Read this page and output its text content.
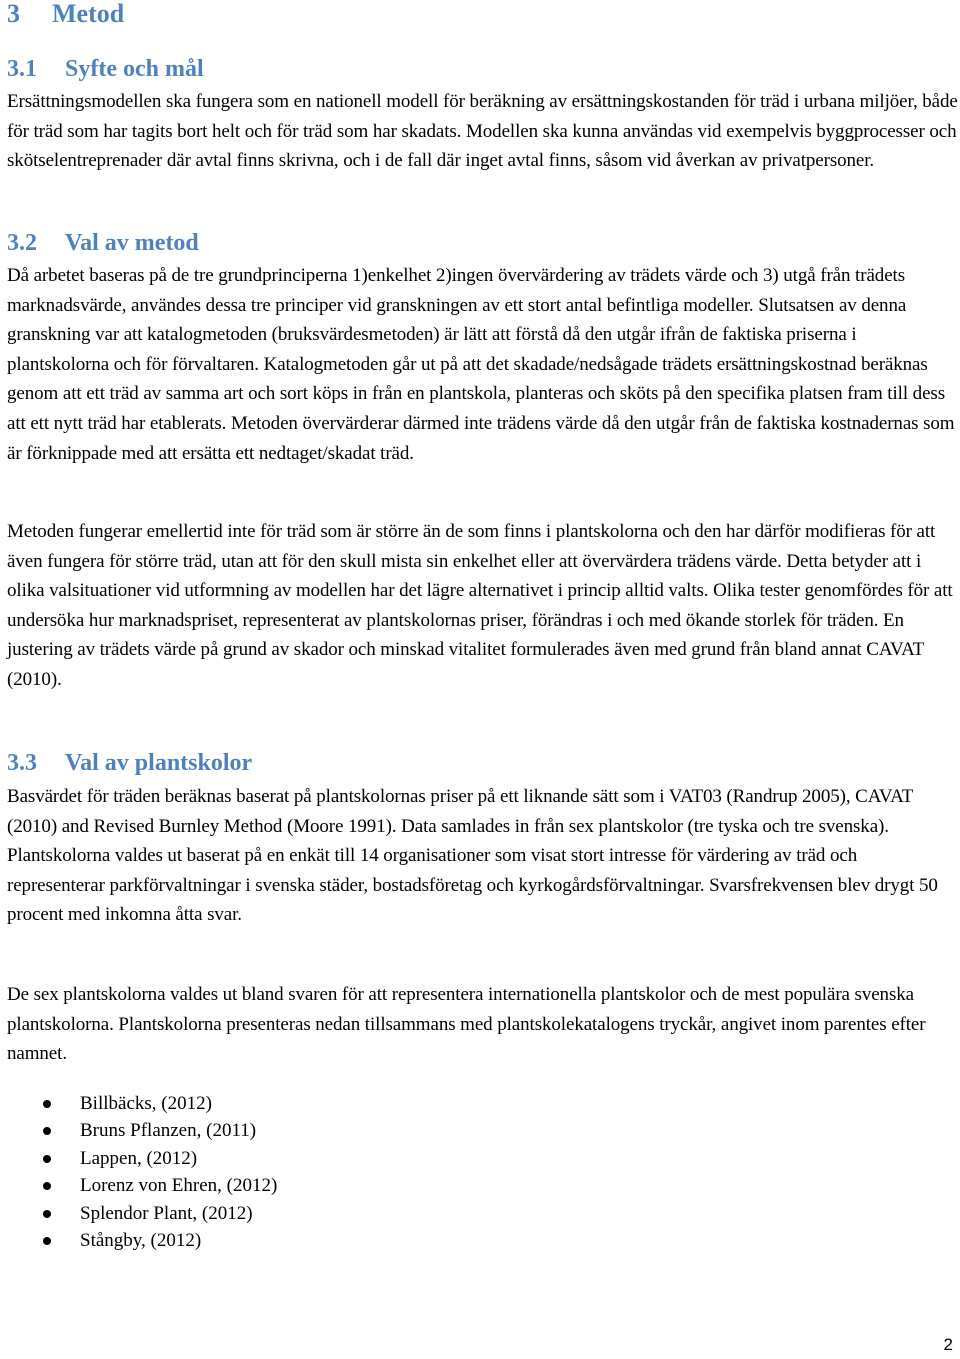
3 Metod
3.1 Syfte och mål

Ersättningsmodellen ska fungera som en nationell modell för beräkning av ersättningskostanden för träd i urbana miljöer, både för träd som har tagits bort helt och för träd som har skadats. Modellen ska kunna användas vid exempelvis byggprocesser och skötselentreprenader där avtal finns skrivna, och i de fall där inget avtal finns, såsom vid åverkan av privatpersoner.

3.2 Val av metod

Då arbetet baseras på de tre grundprinciperna 1)enkelhet 2)ingen övervärdering av trädets värde och 3) utgå från trädets marknadsvärde, användes dessa tre principer vid granskningen av ett stort antal befintliga modeller. Slutsatsen av denna granskning var att katalogmetoden (bruksvärdesmetoden) är lätt att förstå då den utgår ifrån de faktiska priserna i plantskolorna och för förvaltaren. Katalogmetoden går ut på att det skadade/nedsågade trädets ersättningskostnad beräknas genom att ett träd av samma art och sort köps in från en plantskola, planteras och sköts på den specifika platsen fram till dess att ett nytt träd har etablerats. Metoden övervärderar därmed inte trädens värde då den utgår från de faktiska kostnadernas som är förknippade med att ersätta ett nedtaget/skadat träd.

Metoden fungerar emellertid inte för träd som är större än de som finns i plantskolorna och den har därför modifieras för att även fungera för större träd, utan att för den skull mista sin enkelhet eller att övervärdera trädens värde. Detta betyder att i olika valsituationer vid utformning av modellen har det lägre alternativet i princip alltid valts. Olika tester genomfördes för att undersöka hur marknadspriset, representerat av plantskolornas priser, förändras i och med ökande storlek för träden. En justering av trädets värde på grund av skador och minskad vitalitet formulerades även med grund från bland annat CAVAT (2010).

3.3 Val av plantskolor

Basvärdet för träden beräknas baserat på plantskolornas priser på ett liknande sätt som i VAT03 (Randrup 2005), CAVAT (2010) and Revised Burnley Method (Moore 1991). Data samlades in från sex plantskolor (tre tyska och tre svenska). Plantskolorna valdes ut baserat på en enkät till 14 organisationer som visat stort intresse för värdering av träd och representerar parkförvaltningar i svenska städer, bostadsföretag och kyrkogårdsförvaltningar. Svarsfrekvensen blev drygt 50 procent med inkomna åtta svar.

De sex plantskolorna valdes ut bland svaren för att representera internationella plantskolor och de mest populära svenska plantskolorna. Plantskolorna presenteras nedan tillsammans med plantskolekatalogens tryckår, angivet inom parentes efter namnet.

Billbäcks, (2012)
Bruns Pflanzen, (2011)
Lappen, (2012)
Lorenz von Ehren, (2012)
Splendor Plant, (2012)
Stångby, (2012)
2
